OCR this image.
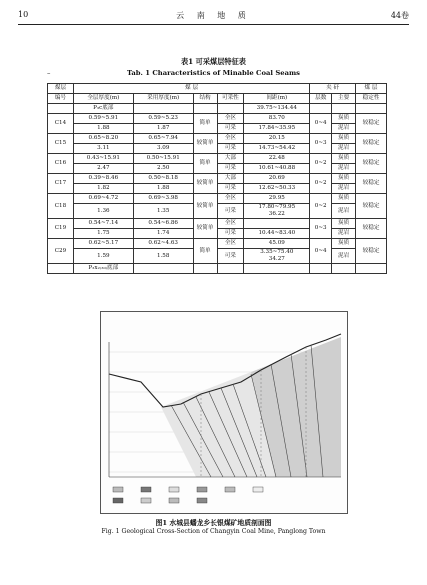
10	云 南 地 质	44卷
表1 可采煤层特征表
–	Tab. 1 Characteristics of Minable Coal Seams
煤层	煤 层					夹 矸		煤 层
编号	全层厚度(m)	采用厚度(m)	结构	可采性	间距(m)	层数	主要	稳定性
	P₃c底部				39.75~134.44			
C14	0.59~5.91	0.59~5.23	简单	全区	83.70	0~4	炭质	较稳定
	1.88	1.87		可采	17.84~35.95		泥岩	
C15	0.65~8.20	0.65~7.94	较简单	全区	20.15	0~3	炭质	较稳定
	3.11	3.09		可采	14.73~54.42		泥岩	
C16	0.43~15.91	0.50~15.91	简单	大部	22.48	0~2	炭质	较稳定
	2.47	2.50		可采	10.61~40.88		泥岩	
C17	0.39~8.46	0.50~8.18	较简单	大部	20.69	0~2	炭质	较稳定
	1.82	1.88		可采	12.62~50.33		泥岩	
C18	0.69~4.72	0.69~3.98	较简单	全区	29.95	0~2	炭质	较稳定
	1.36	1.35		可采	17.80~79.95
36.22		泥岩	
C19	0.54~7.14	0.54~6.86	较简单	全区		0~3	炭质	较稳定
	1.75	1.74		可采	10.44~83.40		泥岩	
C29	0.62~5.17	0.62~4.63	简单	全区	45.09	0~4	炭质	较稳定
	1.59	1.58		可采	3.35~75.40
34.27		泥岩	
	P₃x₂₍₃₀₎底部							
图1 水城县蟠龙乡长银煤矿地质剖面图
Fig. 1 Geological Cross-Section of Changyin Coal Mine, Panglong Town
